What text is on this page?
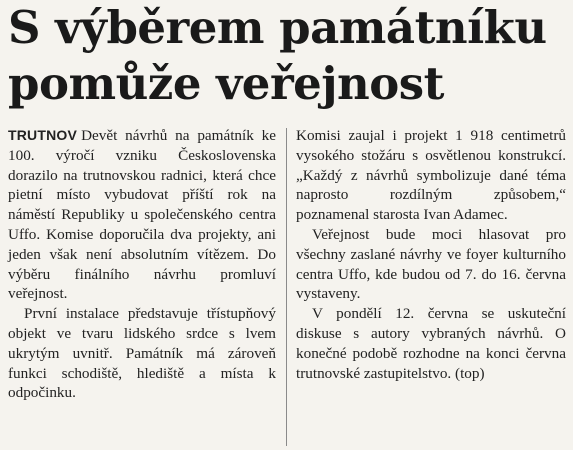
S výběrem památníku
pomůže veřejnost

TRUTNOV Devět návrhů na památník ke 100. výročí vzniku Československa dorazilo na trutnovskou radnici, která chce pietní místo vybudovat příští rok na náměstí Republiky u společenského centra Uffo. Komise doporučila dva projekty, ani jeden však není absolutním vítězem. Do výběru finálního návrhu promluví veřejnost.

První instalace představuje třístupňový objekt ve tvaru lidského srdce s lvem ukrytým uvnitř. Památník má zároveň funkci schodiště, hlediště a místa k odpočinku.

Komisi zaujal i projekt 1 918 centimetrů vysokého stožáru s osvětlenou konstrukcí. „Každý z návrhů symbolizuje dané téma naprosto rozdílným způsobem,“ poznamenal starosta Ivan Adamec.

Veřejnost bude moci hlasovat pro všechny zaslané návrhy ve foyer kulturního centra Uffo, kde budou od 7. do 16. června vystaveny.

V pondělí 12. června se uskuteční diskuse s autory vybraných návrhů. O konečné podobě rozhodne na konci června trutnovské zastupitelstvo. (top)
